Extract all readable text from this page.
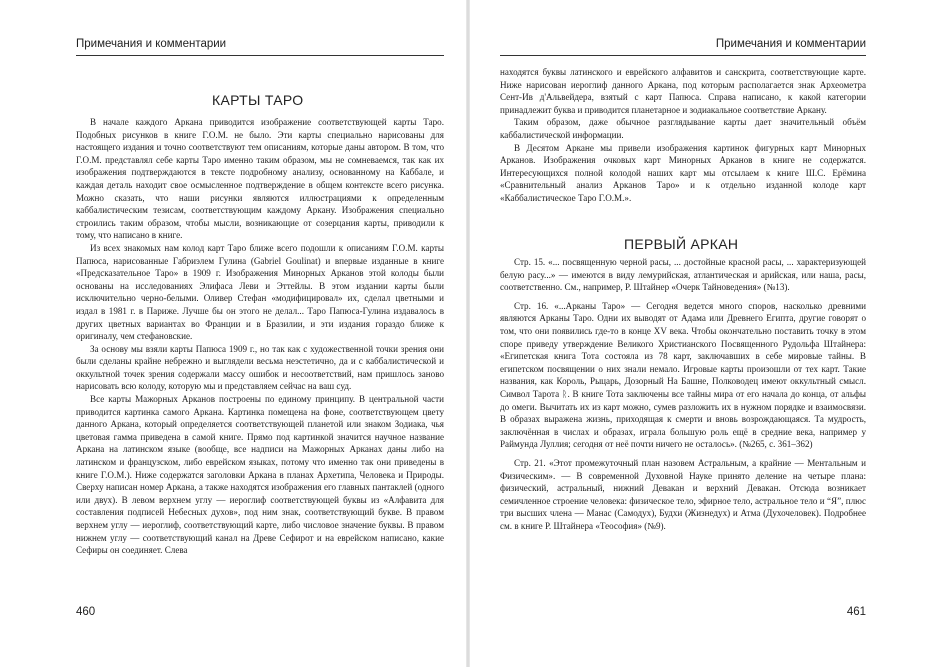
Примечания и комментарии
КАРТЫ ТАРО

В начале каждого Аркана приводится изображение соответствующей карты Таро. Подобных рисунков в книге Г.О.М. не было. Эти карты специально нарисованы для настоящего издания и точно соответствуют тем описаниям, которые даны автором. В том, что Г.О.М. представлял себе карты Таро именно таким образом, мы не сомневаемся, так как их изображения подтверждаются в тексте подробному анализу, основанному на Каббале, и каждая деталь находит свое осмысленное подтверждение в общем контексте всего рисунка. Можно сказать, что наши рисунки являются иллюстрациями к определенным каббалистическим тезисам, соответствующим каждому Аркану. Изображения специально строились таким образом, чтобы мысли, возникающие от созерцания карты, приводили к тому, что написано в книге.

Из всех знакомых нам колод карт Таро ближе всего подошли к описаниям Г.О.М. карты Папюса, нарисованные Габриэлем Гулина (Gabriel Goulinat) и впервые изданные в книге «Предсказательное Таро» в 1909 г. Изображения Минорных Арканов этой колоды были основаны на исследованиях Элифаса Леви и Эттейлы. В этом издании карты были исключительно черно-белыми. Оливер Стефан «модифицировал» их, сделал цветными и издал в 1981 г. в Париже. Лучше бы он этого не делал... Таро Папюса-Гулина издавалось в других цветных вариантах во Франции и в Бразилии, и эти издания гораздо ближе к оригиналу, чем стефановские.

За основу мы взяли карты Папюса 1909 г., но так как с художественной точки зрения они были сделаны крайне небрежно и выглядели весьма неэстетично, да и с каббалистической и оккультной точек зрения содержали массу ошибок и несоответствий, нам пришлось заново нарисовать всю колоду, которую мы и представляем сейчас на ваш суд.

Все карты Мажорных Арканов построены по единому принципу. В центральной части приводится картинка самого Аркана. Картинка помещена на фоне, соответствующем цвету данного Аркана, который определяется соответствующей планетой или знаком Зодиака, чья цветовая гамма приведена в самой книге. Прямо под картинкой значится научное название Аркана на латинском языке (вообще, все надписи на Мажорных Арканах даны либо на латинском и французском, либо еврейском языках, потому что именно так они приведены в книге Г.О.М.). Ниже содержатся заголовки Аркана в планах Архетипа, Человека и Природы. Сверху написан номер Аркана, а также находятся изображения его главных пантаклей (одного или двух). В левом верхнем углу — иероглиф соответствующей буквы из «Алфавита для составления подписей Небесных духов», под ним знак, соответствующий букве. В правом верхнем углу — иероглиф, соответствующий карте, либо числовое значение буквы. В правом нижнем углу — соответствующий канал на Древе Сефирот и на еврейском написано, какие Сефиры он соединяет. Слева

460
Примечания и комментарии

находятся буквы латинского и еврейского алфавитов и санскрита, соответствующие карте. Ниже нарисован иероглиф данного Аркана, под которым располагается знак Археометра Сент-Ив д'Альвейдера, взятый с карт Папюса. Справа написано, к какой категории принадлежит буква и приводится планетарное и зодиакальное соответствие Аркану.

Таким образом, даже обычное разглядывание карты дает значительный объём каббалистической информации.

В Десятом Аркане мы привели изображения картинок фигурных карт Минорных Арканов. Изображения очковых карт Минорных Арканов в книге не содержатся. Интересующихся полной колодой наших карт мы отсылаем к книге Ш.С. Ерёмина «Сравнительный анализ Арканов Таро» и к отдельно изданной колоде карт «Каббалистическое Таро Г.О.М.».

461
ПЕРВЫЙ АРКАН

Стр. 15. «... посвященную черной расы, ... достойные красной расы, ... характеризующей белую расу...» — имеются в виду лемурийская, атлантическая и арийская, или наша, расы, соответственно. См., например, Р. Штайнер «Очерк Тайноведения» (№13).

Стр. 16. «...Арканы Таро» — Сегодня ведется много споров, насколько древними являются Арканы Таро. Одни их выводят от Адама или Древнего Египта, другие говорят о том, что они появились где-то в конце XV века. Чтобы окончательно поставить точку в этом споре приведу утверждение Великого Христианского Посвященного Рудольфа Штайнера: «Египетская книга Тота состояла из 78 карт, заключавших в себе мировые тайны. В египетском посвящении о них знали немало. Игровые карты произошли от тех карт. Такие названия, как Король, Рыцарь, Дозорный На Башне, Полководец имеют оккультный смысл. Символ Тарота ᚱ. В книге Тота заключены все тайны мира от его начала до конца, от альфы до омеги. Вычитать их из карт можно, сумев разложить их в нужном порядке и взаимосвязи. В образах выражена жизнь, приходящая к смерти и вновь возрождающаяся. Та мудрость, заключённая в числах и образах, играла большую роль ещё в средние века, например у Раймунда Луллия; сегодня от неё почти ничего не осталось». (№265, с. 361–362)

Стр. 21. «Этот промежуточный план назовем Астральным, а крайние — Ментальным и Физическим». — В современной Духовной Науке принято деление на четыре плана: физический, астральный, нижний Девакан и верхний Девакан. Отсюда возникает семичленное строение человека: физическое тело, эфирное тело, астральное тело и “Я”, плюс три высших члена — Манас (Самодух), Будхи (Жизнедух) и Атма (Духочеловек). Подробнее см. в книге Р. Штайнера «Теософия» (№9).
